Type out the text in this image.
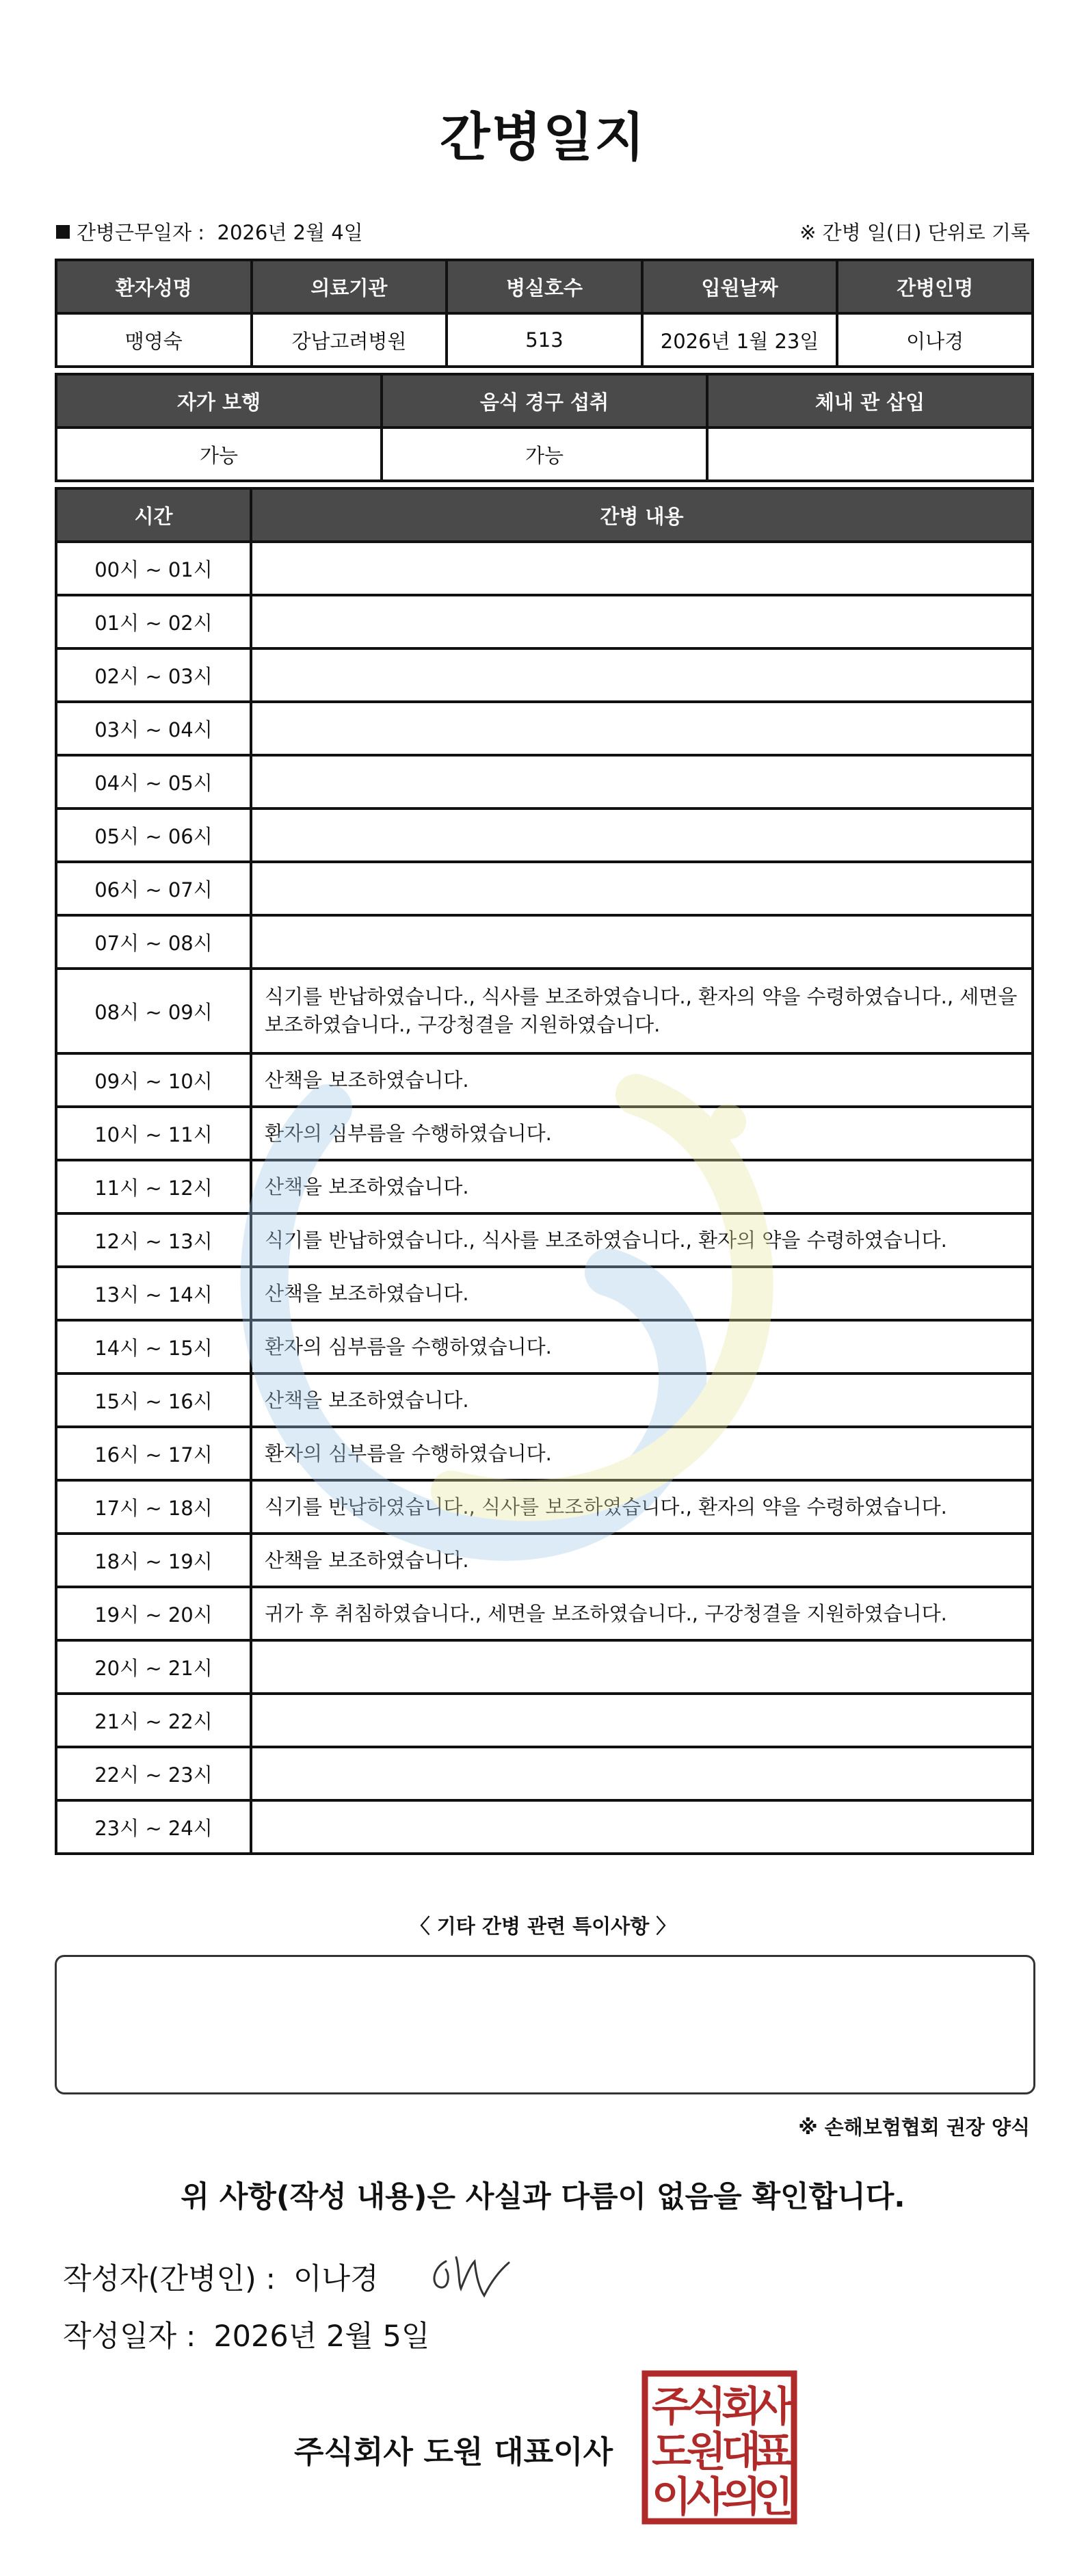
간병일지
간병근무일자 : 2026년 2월 4일	※ 간병 일(日) 단위로 기록
환자성명	의료기관	병실호수	입원날짜	간병인명
맹영숙	강남고려병원	513	2026년 1월 23일	이나경
자가 보행	음식 경구 섭취	체내 관 삽입
가능	가능	
시간	간병 내용
00시 ~ 01시	
01시 ~ 02시	
02시 ~ 03시	
03시 ~ 04시	
04시 ~ 05시	
05시 ~ 06시	
06시 ~ 07시	
07시 ~ 08시	
08시 ~ 09시	식기를 반납하였습니다., 식사를 보조하였습니다., 환자의 약을 수령하였습니다., 세면을 보조하였습니다., 구강청결을 지원하였습니다.
09시 ~ 10시	산책을 보조하였습니다.
10시 ~ 11시	환자의 심부름을 수행하였습니다.
11시 ~ 12시	산책을 보조하였습니다.
12시 ~ 13시	식기를 반납하였습니다., 식사를 보조하였습니다., 환자의 약을 수령하였습니다.
13시 ~ 14시	산책을 보조하였습니다.
14시 ~ 15시	환자의 심부름을 수행하였습니다.
15시 ~ 16시	산책을 보조하였습니다.
16시 ~ 17시	환자의 심부름을 수행하였습니다.
17시 ~ 18시	식기를 반납하였습니다., 식사를 보조하였습니다., 환자의 약을 수령하였습니다.
18시 ~ 19시	산책을 보조하였습니다.
19시 ~ 20시	귀가 후 취침하였습니다., 세면을 보조하였습니다., 구강청결을 지원하였습니다.
20시 ~ 21시	
21시 ~ 22시	
22시 ~ 23시	
23시 ~ 24시	
〈 기타 간병 관련 특이사항 〉
※ 손해보험협회 권장 양식
위 사항(작성 내용)은 사실과 다름이 없음을 확인합니다.
작성자(간병인) : 이나경
작성일자 : 2026년 2월 5일
주식회사 도원 대표이사
주
식
회
사
도
원
대
표
이
사
의
인
